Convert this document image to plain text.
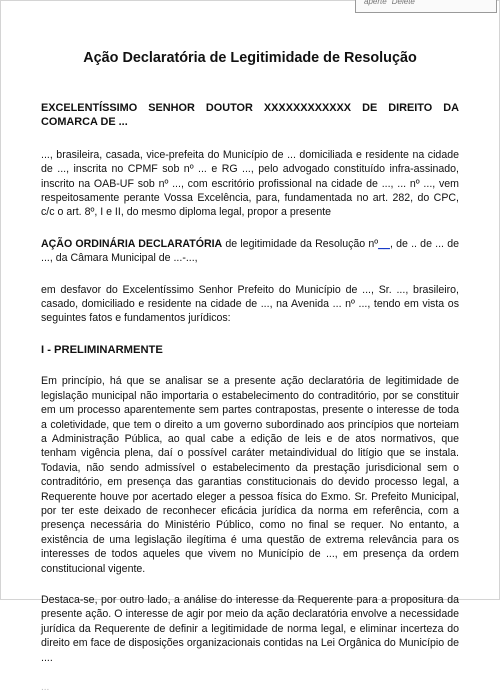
aperte "Delete"
Ação Declaratória de Legitimidade de Resolução
EXCELENTÍSSIMO SENHOR DOUTOR XXXXXXXXXXXX DE DIREITO DA COMARCA DE ...
..., brasileira, casada, vice-prefeita do Município de ... domiciliada e residente na cidade de ..., inscrita no CPMF sob nº ... e RG ..., pelo advogado constituído infra-assinado, inscrito na OAB-UF sob nº ..., com escritório profissional na cidade de ..., ... nº ..., vem respeitosamente perante Vossa Excelência, para, fundamentada no art. 282, do CPC, c/c o art. 8º, I e II, do mesmo diploma legal, propor a presente
AÇÃO ORDINÁRIA DECLARATÓRIA de legitimidade da Resolução nº__, de .. de ... de ..., da Câmara Municipal de ...-...,
em desfavor do Excelentíssimo Senhor Prefeito do Município de ..., Sr. ..., brasileiro, casado, domiciliado e residente na cidade de ..., na Avenida ... nº ..., tendo em vista os seguintes fatos e fundamentos jurídicos:
I - PRELIMINARMENTE
Em princípio, há que se analisar se a presente ação declaratória de legitimidade de legislação municipal não importaria o estabelecimento do contraditório, por se constituir em um processo aparentemente sem partes contrapostas, presente o interesse de toda a coletividade, que tem o direito a um governo subordinado aos princípios que norteiam a Administração Pública, ao qual cabe a edição de leis e de atos normativos, que tenham vigência plena, daí o possível caráter metaindividual do litígio que se instala. Todavia, não sendo admissível o estabelecimento da prestação jurisdicional sem o contraditório, em presença das garantias constitucionais do devido processo legal, a Requerente houve por acertado eleger a pessoa física do Exmo. Sr. Prefeito Municipal, por ter este deixado de reconhecer eficácia jurídica da norma em referência, com a presença necessária do Ministério Público, como no final se requer. No entanto, a existência de uma legislação ilegítima é uma questão de extrema relevância para os interesses de todos aqueles que vivem no Município de ..., em presença da ordem constitucional vigente.
Destaca-se, por outro lado, a análise do interesse da Requerente para a propositura da presente ação. O interesse de agir por meio da ação declaratória envolve a necessidade jurídica da Requerente de definir a legitimidade de norma legal, e eliminar incerteza do direito em face de disposições organizacionais contidas na Lei Orgânica do Município de ....
...
